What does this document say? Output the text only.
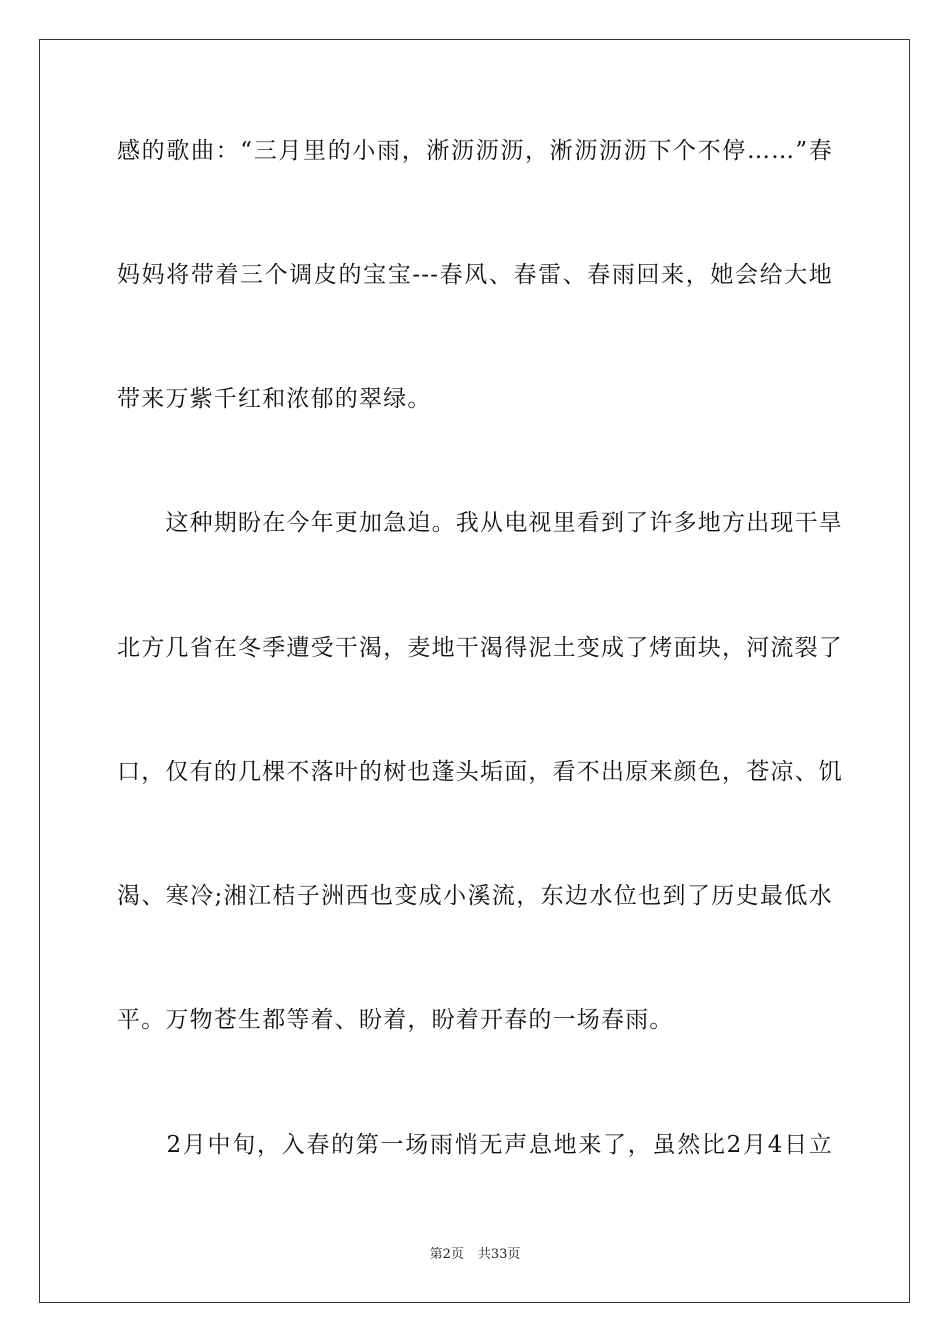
感的歌曲：“三月里的小雨，淅沥沥沥，淅沥沥沥下个不停……”春
妈妈将带着三个调皮的宝宝---春风、春雷、春雨回来，她会给大地
带来万紫千红和浓郁的翠绿。
　　这种期盼在今年更加急迫。我从电视里看到了许多地方出现干旱
北方几省在冬季遭受干渴，麦地干渴得泥土变成了烤面块，河流裂了
口，仅有的几棵不落叶的树也蓬头垢面，看不出原来颜色，苍凉、饥
渴、寒冷;湘江桔子洲西也变成小溪流，东边水位也到了历史最低水
平。万物苍生都等着、盼着，盼着开春的一场春雨。
　　2月中旬，入春的第一场雨悄无声息地来了，虽然比2月4日立
第2页 共33页
